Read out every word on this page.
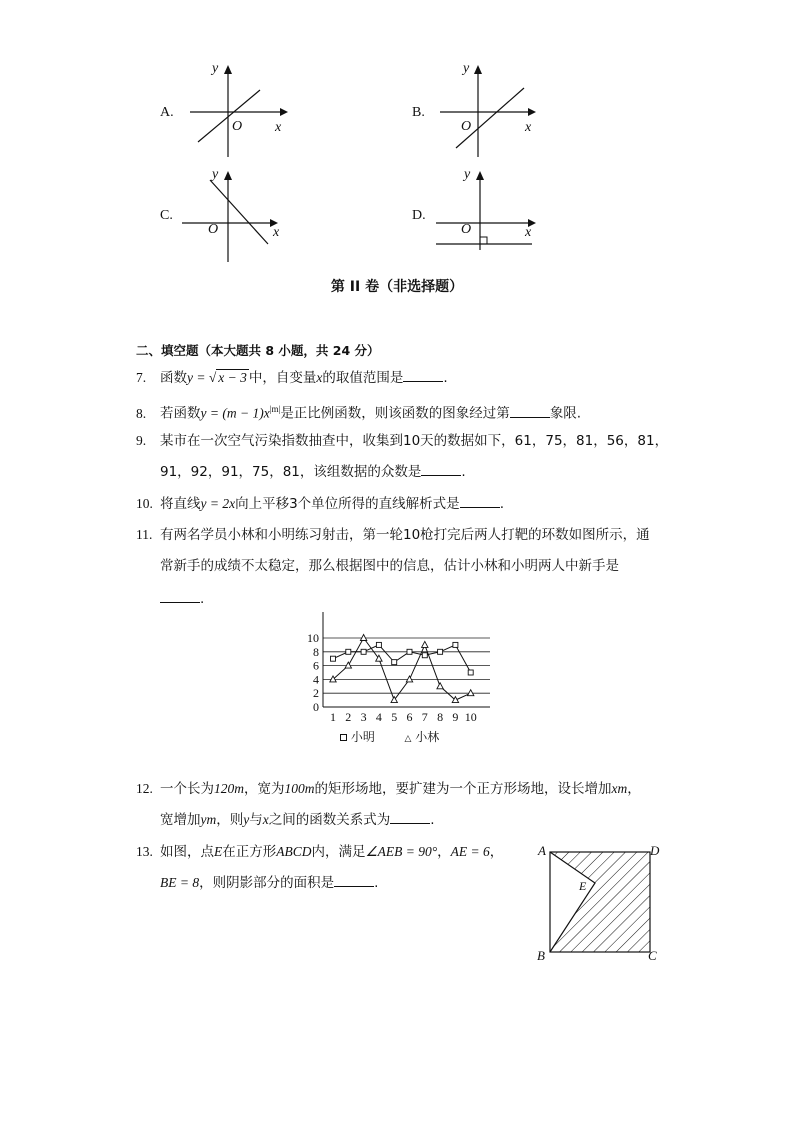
A.
y
O x
B.
y
O	x
C.
y
O	x
D.
y
O	x
第 II 卷（非选择题）
二、填空题（本大题共 8 小题，共 24 分）
7. 函数y = √ x − 3 中，自变量x的取值范围是	.
8. 若函数$y = (m - 1)x^{|m|}$是正比例函数，则该函数的图象经过第	象限.
9. 某市在一次空气污染指数抽查中，收集到10天的数据如下，61，75，81，56，81，
91，92，91，75，81，该组数据的众数是	.
10. 将直线y = 2x向上平移3个单位所得的直线解析式是	.
11. 有两名学员小林和小明练习射击，第一轮10枪打完后两人打靶的环数如图所示，通
常新手的成绩不太稳定，那么根据图中的信息，估计小林和小明两人中新手是
.
0
2
4
6
8
10
1 2 3 4 5 6 7 8 9 10
小明	△ 小林
12. 一个长为120m，宽为100m的矩形场地，要扩建为一个正方形场地，设长增加xm，
宽增加ym，则y与x之间的函数关系式为	.
13. 如图，点E在正方形ABCD内，满足∠AEB = 90°，AE = 6，
BE = 8，则阴影部分的面积是	.
A	D
B	C
E
